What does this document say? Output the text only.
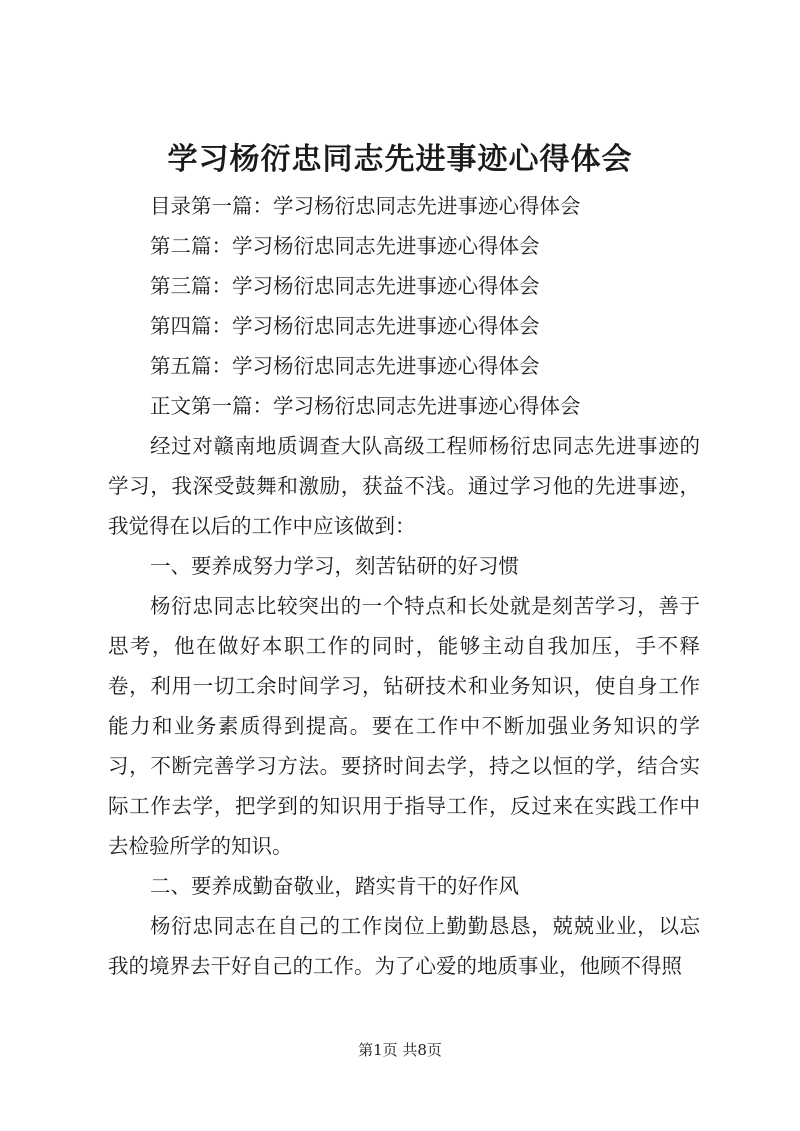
学习杨衍忠同志先进事迹心得体会

目录第一篇：学习杨衍忠同志先进事迹心得体会

第二篇：学习杨衍忠同志先进事迹心得体会

第三篇：学习杨衍忠同志先进事迹心得体会

第四篇：学习杨衍忠同志先进事迹心得体会

第五篇：学习杨衍忠同志先进事迹心得体会

正文第一篇：学习杨衍忠同志先进事迹心得体会

经过对赣南地质调查大队高级工程师杨衍忠同志先进事迹的学习，我深受鼓舞和激励，获益不浅。通过学习他的先进事迹，我觉得在以后的工作中应该做到：

一、要养成努力学习，刻苦钻研的好习惯

杨衍忠同志比较突出的一个特点和长处就是刻苦学习，善于思考，他在做好本职工作的同时，能够主动自我加压，手不释卷，利用一切工余时间学习，钻研技术和业务知识，使自身工作能力和业务素质得到提高。要在工作中不断加强业务知识的学习，不断完善学习方法。要挤时间去学，持之以恒的学，结合实际工作去学，把学到的知识用于指导工作，反过来在实践工作中去检验所学的知识。

二、要养成勤奋敬业，踏实肯干的好作风

杨衍忠同志在自己的工作岗位上勤勤恳恳，兢兢业业，以忘我的境界去干好自己的工作。为了心爱的地质事业，他顾不得照

第1页 共8页
